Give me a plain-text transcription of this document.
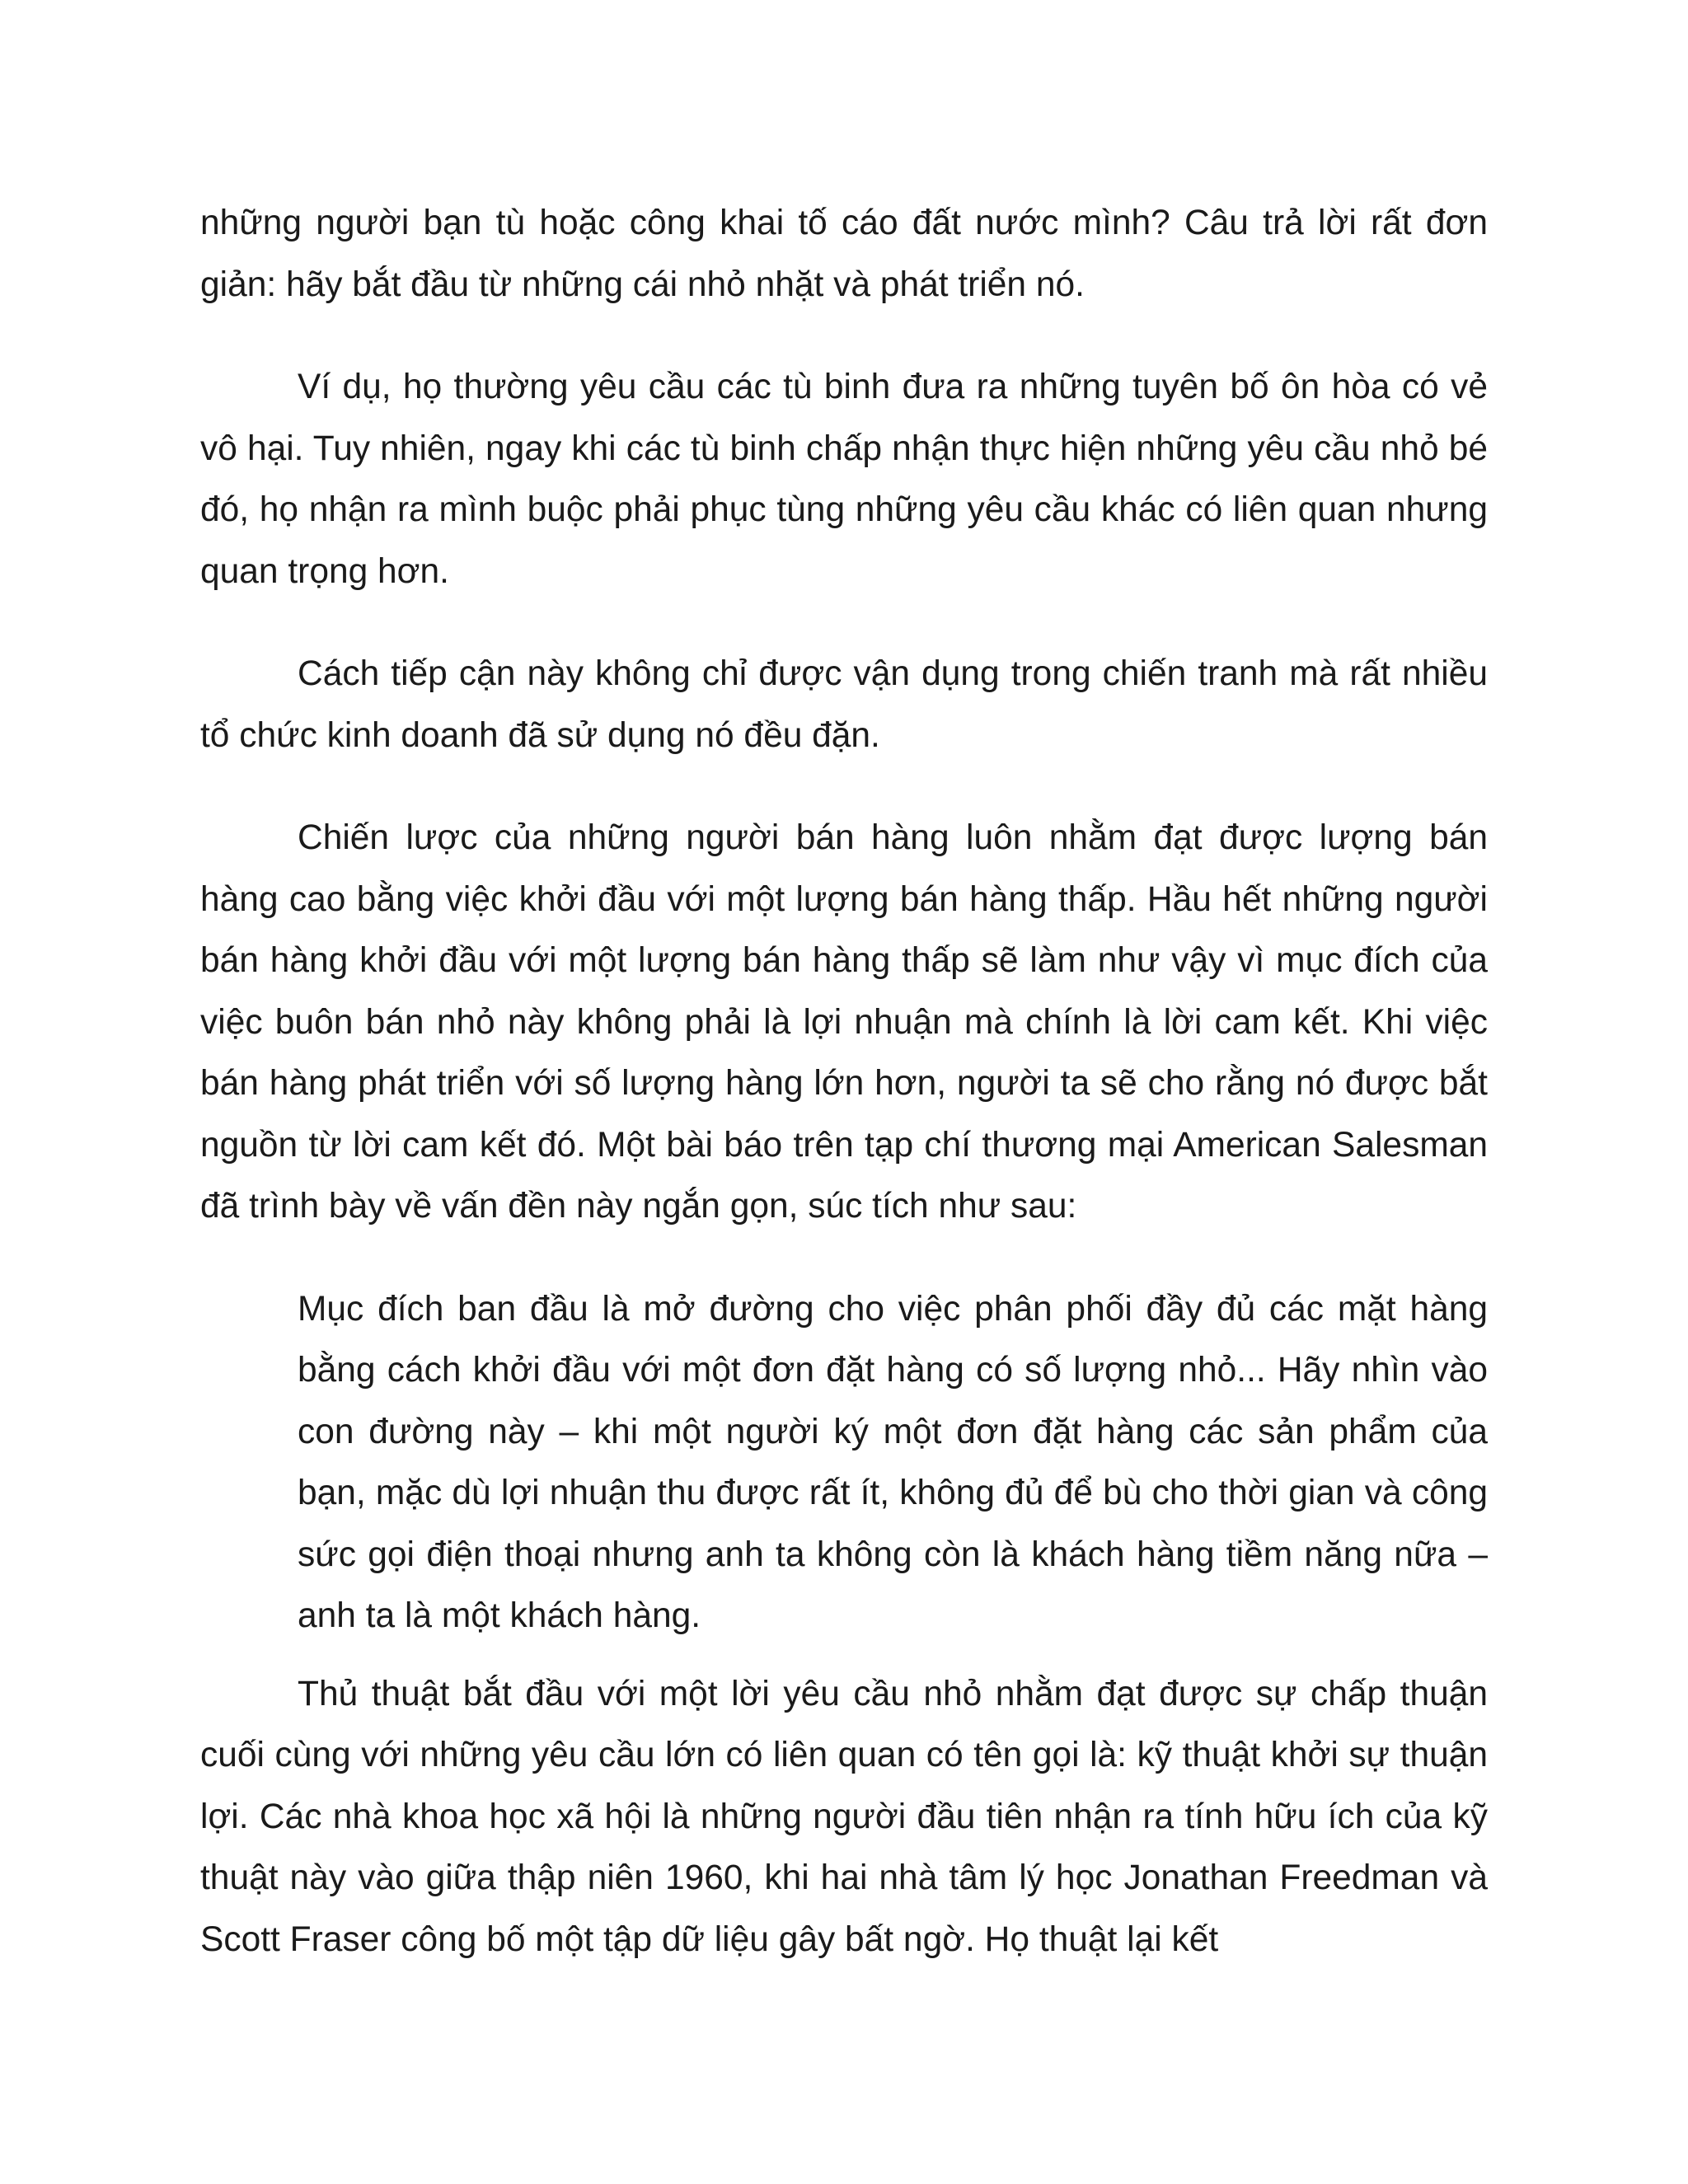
những người bạn tù hoặc công khai tố cáo đất nước mình? Câu trả lời rất đơn giản: hãy bắt đầu từ những cái nhỏ nhặt và phát triển nó.

Ví dụ, họ thường yêu cầu các tù binh đưa ra những tuyên bố ôn hòa có vẻ vô hại. Tuy nhiên, ngay khi các tù binh chấp nhận thực hiện những yêu cầu nhỏ bé đó, họ nhận ra mình buộc phải phục tùng những yêu cầu khác có liên quan nhưng quan trọng hơn.

Cách tiếp cận này không chỉ được vận dụng trong chiến tranh mà rất nhiều tổ chức kinh doanh đã sử dụng nó đều đặn.

Chiến lược của những người bán hàng luôn nhằm đạt được lượng bán hàng cao bằng việc khởi đầu với một lượng bán hàng thấp. Hầu hết những người bán hàng khởi đầu với một lượng bán hàng thấp sẽ làm như vậy vì mục đích của việc buôn bán nhỏ này không phải là lợi nhuận mà chính là lời cam kết. Khi việc bán hàng phát triển với số lượng hàng lớn hơn, người ta sẽ cho rằng nó được bắt nguồn từ lời cam kết đó. Một bài báo trên tạp chí thương mại American Salesman đã trình bày về vấn đền này ngắn gọn, súc tích như sau:

Mục đích ban đầu là mở đường cho việc phân phối đầy đủ các mặt hàng bằng cách khởi đầu với một đơn đặt hàng có số lượng nhỏ... Hãy nhìn vào con đường này – khi một người ký một đơn đặt hàng các sản phẩm của bạn, mặc dù lợi nhuận thu được rất ít, không đủ để bù cho thời gian và công sức gọi điện thoại nhưng anh ta không còn là khách hàng tiềm năng nữa – anh ta là một khách hàng.

Thủ thuật bắt đầu với một lời yêu cầu nhỏ nhằm đạt được sự chấp thuận cuối cùng với những yêu cầu lớn có liên quan có tên gọi là: kỹ thuật khởi sự thuận lợi. Các nhà khoa học xã hội là những người đầu tiên nhận ra tính hữu ích của kỹ thuật này vào giữa thập niên 1960, khi hai nhà tâm lý học Jonathan Freedman và Scott Fraser công bố một tập dữ liệu gây bất ngờ. Họ thuật lại kết
